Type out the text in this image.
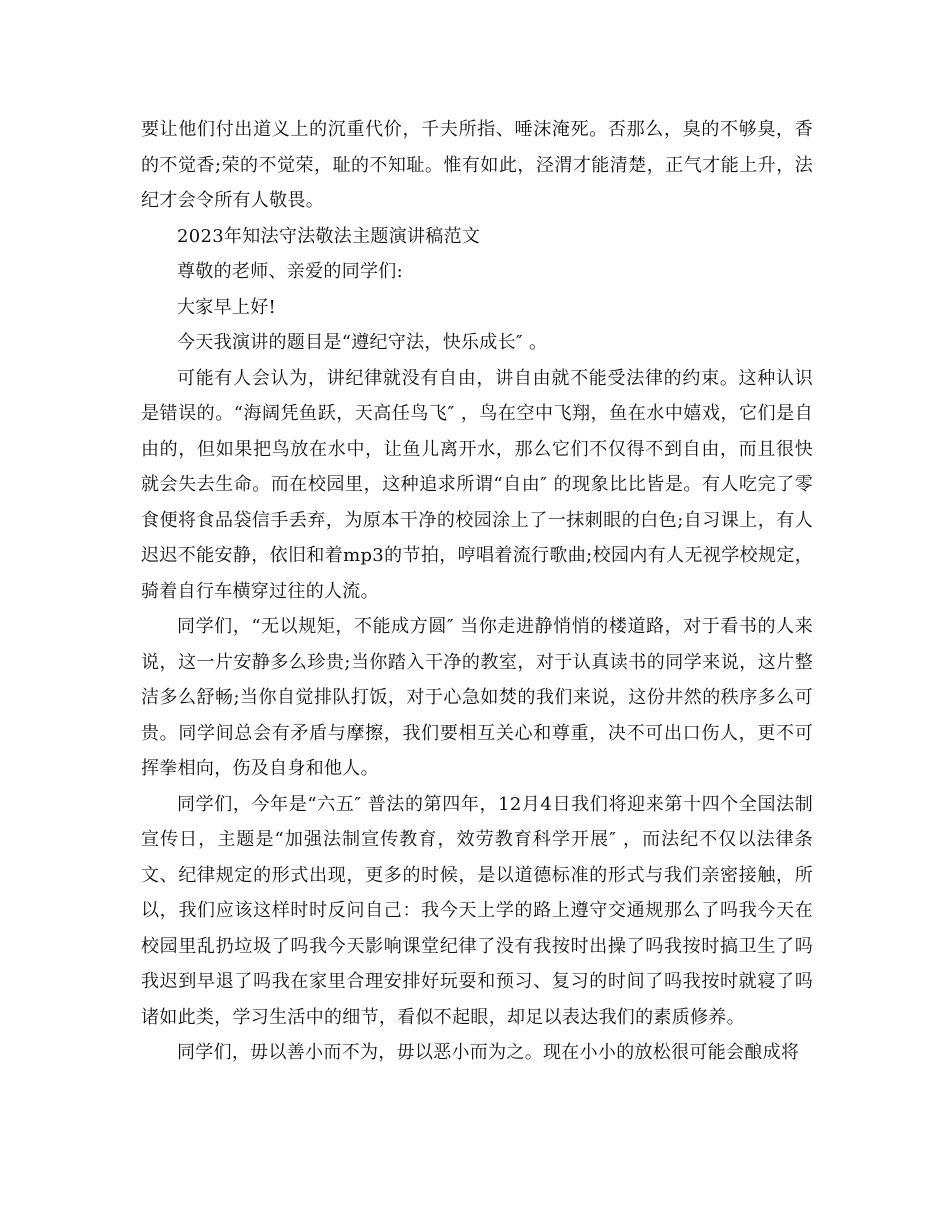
要让他们付出道义上的沉重代价，千夫所指、唾沫淹死。否那么，臭的不够臭，香的不觉香;荣的不觉荣，耻的不知耻。惟有如此，泾渭才能清楚，正气才能上升，法纪才会令所有人敬畏。

2023年知法守法敬法主题演讲稿范文

尊敬的老师、亲爱的同学们:

大家早上好!

今天我演讲的题目是“遵纪守法，快乐成长″ 。

可能有人会认为，讲纪律就没有自由，讲自由就不能受法律的约束。这种认识是错误的。“海阔凭鱼跃，天高任鸟飞″ ，鸟在空中飞翔，鱼在水中嬉戏，它们是自由的，但如果把鸟放在水中，让鱼儿离开水，那么它们不仅得不到自由，而且很快就会失去生命。而在校园里，这种追求所谓“自由″ 的现象比比皆是。有人吃完了零食便将食品袋信手丢弃，为原本干净的校园涂上了一抹刺眼的白色;自习课上，有人迟迟不能安静，依旧和着mp3的节拍，哼唱着流行歌曲;校园内有人无视学校规定，骑着自行车横穿过往的人流。

同学们，“无以规矩，不能成方圆″ 当你走进静悄悄的楼道路，对于看书的人来说，这一片安静多么珍贵;当你踏入干净的教室，对于认真读书的同学来说，这片整洁多么舒畅;当你自觉排队打饭，对于心急如焚的我们来说，这份井然的秩序多么可贵。同学间总会有矛盾与摩擦，我们要相互关心和尊重，决不可出口伤人，更不可挥拳相向，伤及自身和他人。

同学们，今年是“六五″ 普法的第四年，12月4日我们将迎来第十四个全国法制宣传日，主题是“加强法制宣传教育，效劳教育科学开展″ ，而法纪不仅以法律条文、纪律规定的形式出现，更多的时候，是以道德标准的形式与我们亲密接触，所以，我们应该这样时时反问自己：我今天上学的路上遵守交通规那么了吗我今天在校园里乱扔垃圾了吗我今天影响课堂纪律了没有我按时出操了吗我按时搞卫生了吗我迟到早退了吗我在家里合理安排好玩耍和预习、复习的时间了吗我按时就寝了吗诸如此类，学习生活中的细节，看似不起眼，却足以表达我们的素质修养。

同学们，毋以善小而不为，毋以恶小而为之。现在小小的放松很可能会酿成将
